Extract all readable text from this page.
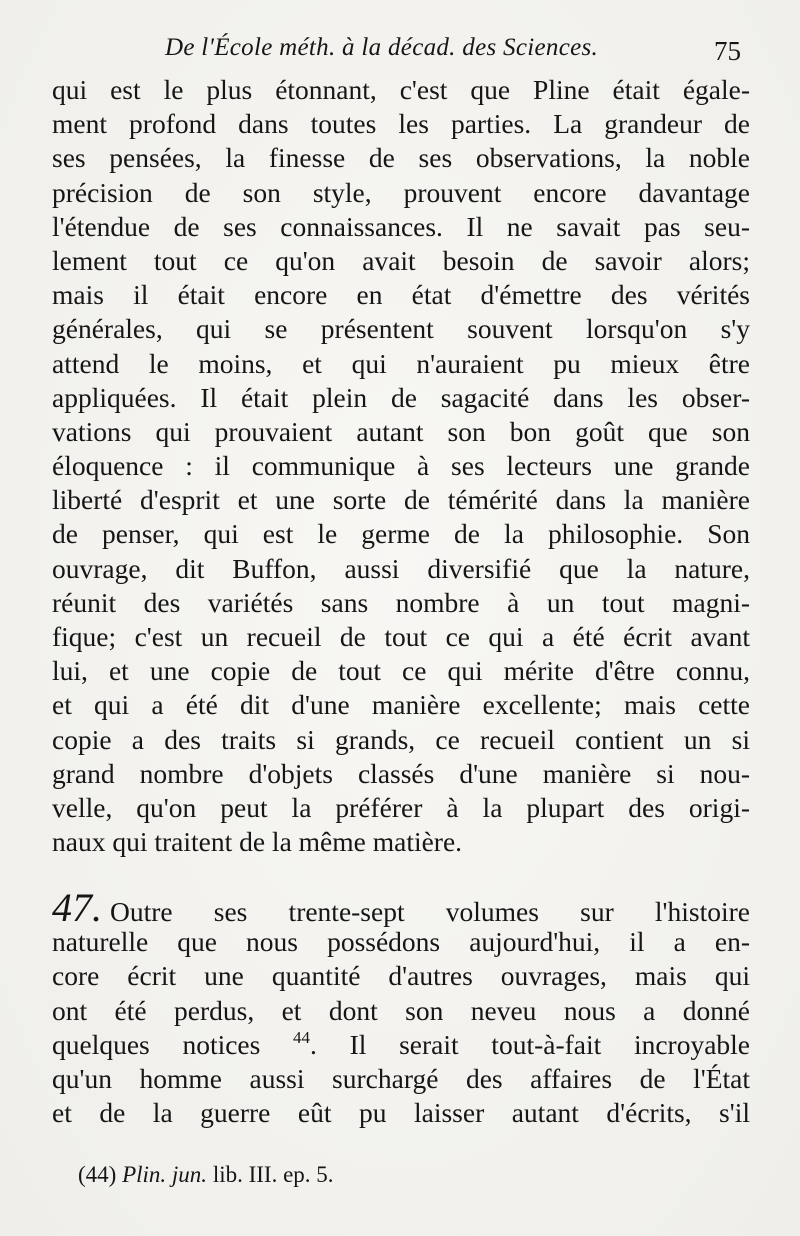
De l'École méth. à la décad. des Sciences.	75
qui est le plus étonnant, c'est que Pline était égale-
ment profond dans toutes les parties. La grandeur de
ses pensées, la finesse de ses observations, la noble
précision de son style, prouvent encore davantage
l'étendue de ses connaissances. Il ne savait pas seu-
lement tout ce qu'on avait besoin de savoir alors;
mais il était encore en état d'émettre des vérités
générales, qui se présentent souvent lorsqu'on s'y
attend le moins, et qui n'auraient pu mieux être
appliquées. Il était plein de sagacité dans les obser-
vations qui prouvaient autant son bon goût que son
éloquence : il communique à ses lecteurs une grande
liberté d'esprit et une sorte de témérité dans la manière
de penser, qui est le germe de la philosophie. Son
ouvrage, dit Buffon, aussi diversifié que la nature,
réunit des variétés sans nombre à un tout magni-
fique; c'est un recueil de tout ce qui a été écrit avant
lui, et une copie de tout ce qui mérite d'être connu,
et qui a été dit d'une manière excellente; mais cette
copie a des traits si grands, ce recueil contient un si
grand nombre d'objets classés d'une manière si nou-
velle, qu'on peut la préférer à la plupart des origi-
naux qui traitent de la même matière.
47. Outre ses trente-sept volumes sur l'histoire
naturelle que nous possédons aujourd'hui, il a en-
core écrit une quantité d'autres ouvrages, mais qui
ont été perdus, et dont son neveu nous a donné
quelques notices $^{44}$. Il serait tout-à-fait incroyable
qu'un homme aussi surchargé des affaires de l'État
et de la guerre eût pu laisser autant d'écrits, s'il
(44) Plin. jun. lib. III. ep. 5.
